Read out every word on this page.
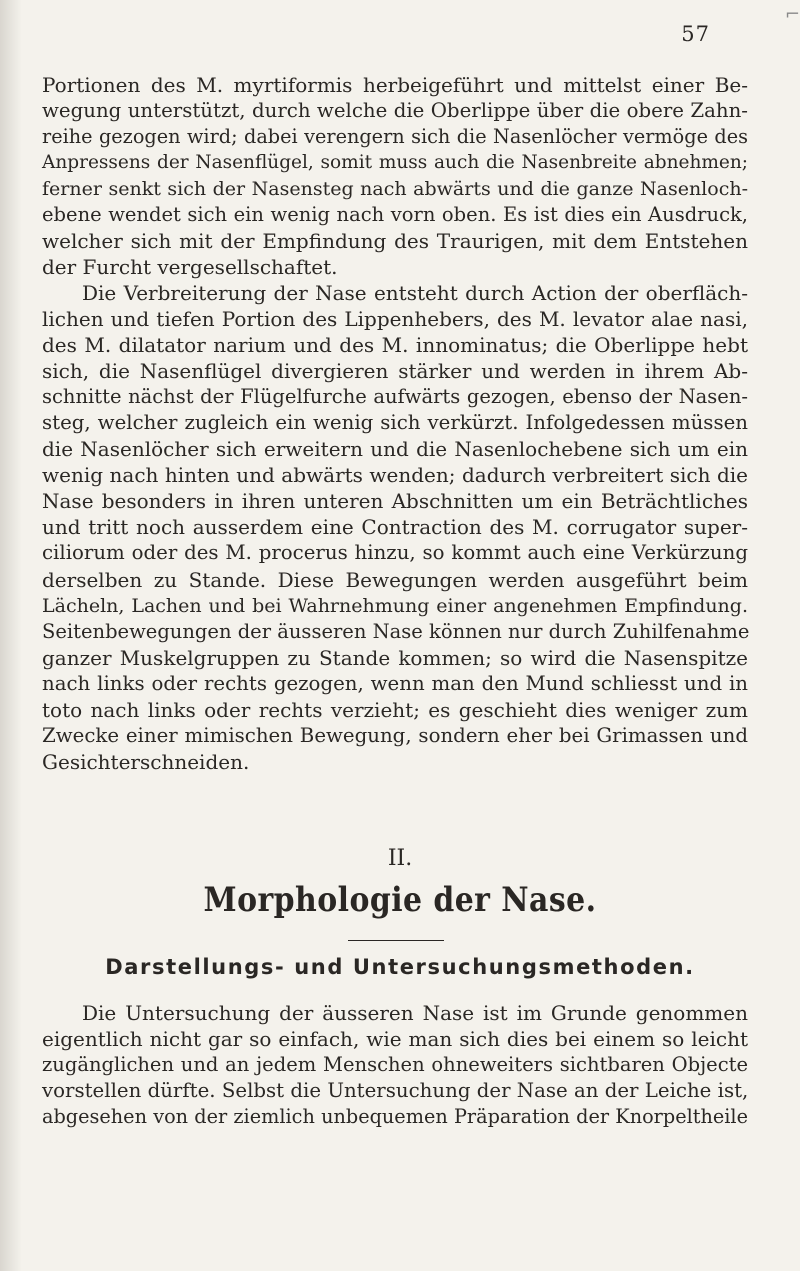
⌐
57

Portionen des M. myrtiformis herbeigeführt und mittelst einer Be-
wegung unterstützt, durch welche die Oberlippe über die obere Zahn-
reihe gezogen wird; dabei verengern sich die Nasenlöcher vermöge des
Anpressens der Nasenflügel, somit muss auch die Nasenbreite abnehmen;
ferner senkt sich der Nasensteg nach abwärts und die ganze Nasenloch-
ebene wendet sich ein wenig nach vorn oben. Es ist dies ein Ausdruck,
welcher sich mit der Empfindung des Traurigen, mit dem Entstehen
der Furcht vergesellschaftet.

Die Verbreiterung der Nase entsteht durch Action der oberfläch-
lichen und tiefen Portion des Lippenhebers, des M. levator alae nasi,
des M. dilatator narium und des M. innominatus; die Oberlippe hebt
sich, die Nasenflügel divergieren stärker und werden in ihrem Ab-
schnitte nächst der Flügelfurche aufwärts gezogen, ebenso der Nasen-
steg, welcher zugleich ein wenig sich verkürzt. Infolgedessen müssen
die Nasenlöcher sich erweitern und die Nasenlochebene sich um ein
wenig nach hinten und abwärts wenden; dadurch verbreitert sich die
Nase besonders in ihren unteren Abschnitten um ein Beträchtliches
und tritt noch ausserdem eine Contraction des M. corrugator super-
ciliorum oder des M. procerus hinzu, so kommt auch eine Verkürzung
derselben zu Stande. Diese Bewegungen werden ausgeführt beim
Lächeln, Lachen und bei Wahrnehmung einer angenehmen Empfindung.
Seitenbewegungen der äusseren Nase können nur durch Zuhilfenahme
ganzer Muskelgruppen zu Stande kommen; so wird die Nasenspitze
nach links oder rechts gezogen, wenn man den Mund schliesst und in
toto nach links oder rechts verzieht; es geschieht dies weniger zum
Zwecke einer mimischen Bewegung, sondern eher bei Grimassen und
Gesichterschneiden.

II.
Morphologie der Nase.
Darstellungs- und Untersuchungsmethoden.

Die Untersuchung der äusseren Nase ist im Grunde genommen
eigentlich nicht gar so einfach, wie man sich dies bei einem so leicht
zugänglichen und an jedem Menschen ohneweiters sichtbaren Objecte
vorstellen dürfte. Selbst die Untersuchung der Nase an der Leiche ist,
abgesehen von der ziemlich unbequemen Präparation der Knorpeltheile
